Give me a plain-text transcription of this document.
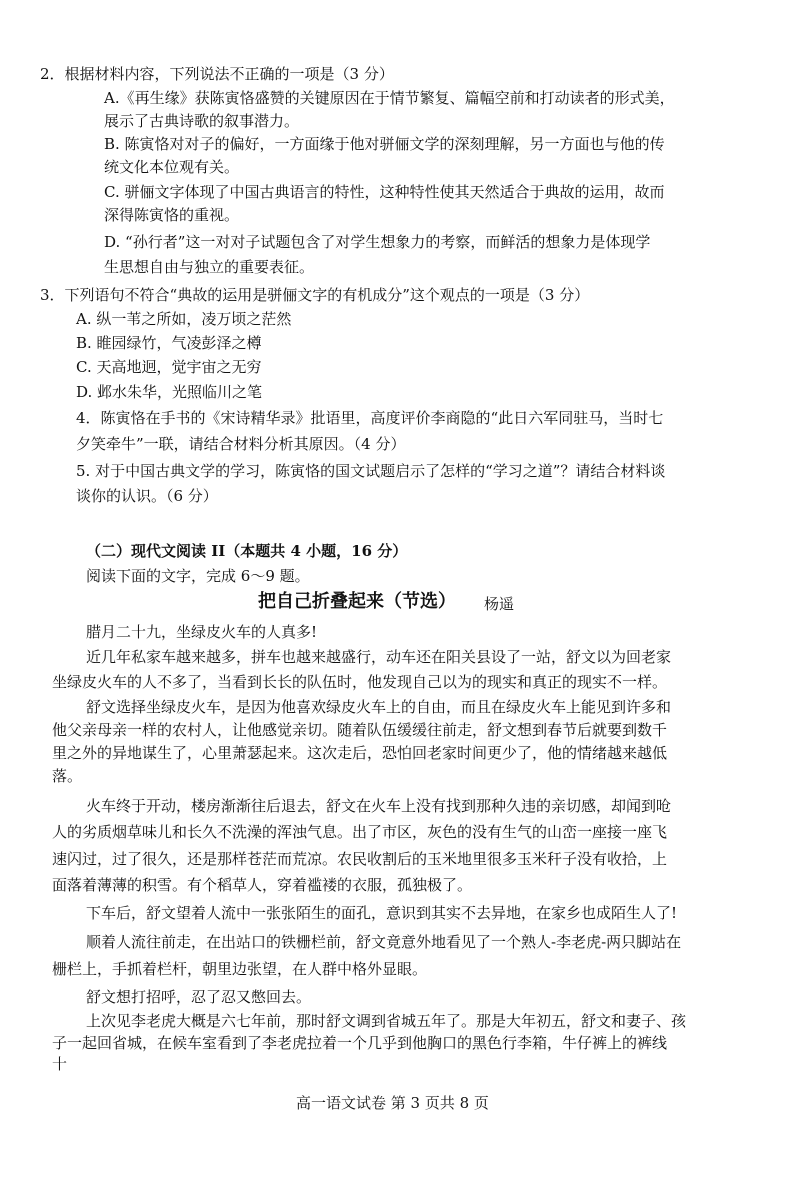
2．根据材料内容，下列说法不正确的一项是（3 分）
A.《再生缘》获陈寅恪盛赞的关键原因在于情节繁复、篇幅空前和打动读者的形式美，
展示了古典诗歌的叙事潜力。
B. 陈寅恪对对子的偏好，一方面缘于他对骈俪文学的深刻理解，另一方面也与他的传
统文化本位观有关。
C. 骈俪文字体现了中国古典语言的特性，这种特性使其天然适合于典故的运用，故而
深得陈寅恪的重视。
D. “孙行者”这一对对子试题包含了对学生想象力的考察，而鲜活的想象力是体现学
生思想自由与独立的重要表征。
3．下列语句不符合“典故的运用是骈俪文字的有机成分”这个观点的一项是（3 分）
A. 纵一苇之所如，凌万顷之茫然
B. 睢园绿竹，气凌彭泽之樽
C. 天高地迥，觉宇宙之无穷
D. 邺水朱华，光照临川之笔
4．陈寅恪在手书的《宋诗精华录》批语里，高度评价李商隐的“此日六军同驻马，当时七
夕笑牵牛”一联，请结合材料分析其原因。（4 分）
5. 对于中国古典文学的学习，陈寅恪的国文试题启示了怎样的“学习之道”？请结合材料谈
谈你的认识。（6 分）
（二）现代文阅读 II（本题共 4 小题，16 分）
阅读下面的文字，完成 6～9 题。
把自己折叠起来（节选） 杨遥
腊月二十九，坐绿皮火车的人真多!
近几年私家车越来越多，拼车也越来越盛行，动车还在阳关县设了一站，舒文以为回老家
坐绿皮火车的人不多了，当看到长长的队伍时，他发现自己以为的现实和真正的现实不一样。
舒文选择坐绿皮火车，是因为他喜欢绿皮火车上的自由，而且在绿皮火车上能见到许多和
他父亲母亲一样的农村人，让他感觉亲切。随着队伍缓缓往前走，舒文想到春节后就要到数千
里之外的异地谋生了，心里萧瑟起来。这次走后，恐怕回老家时间更少了，他的情绪越来越低
落。
火车终于开动，楼房渐渐往后退去，舒文在火车上没有找到那种久违的亲切感，却闻到呛
人的劣质烟草味儿和长久不洗澡的浑浊气息。出了市区，灰色的没有生气的山峦一座接一座飞
速闪过，过了很久，还是那样苍茫而荒凉。农民收割后的玉米地里很多玉米秆子没有收拾，上
面落着薄薄的积雪。有个稻草人，穿着褴褛的衣服，孤独极了。
下车后，舒文望着人流中一张张陌生的面孔，意识到其实不去异地，在家乡也成陌生人了!
顺着人流往前走，在出站口的铁栅栏前，舒文竟意外地看见了一个熟人-李老虎-两只脚站在
栅栏上，手抓着栏杆，朝里边张望，在人群中格外显眼。
舒文想打招呼，忍了忍又憋回去。
上次见李老虎大概是六七年前，那时舒文调到省城五年了。那是大年初五，舒文和妻子、孩
子一起回省城，在候车室看到了李老虎拉着一个几乎到他胸口的黑色行李箱，牛仔裤上的裤线
十
高一语文试卷 第 3 页共 8 页
